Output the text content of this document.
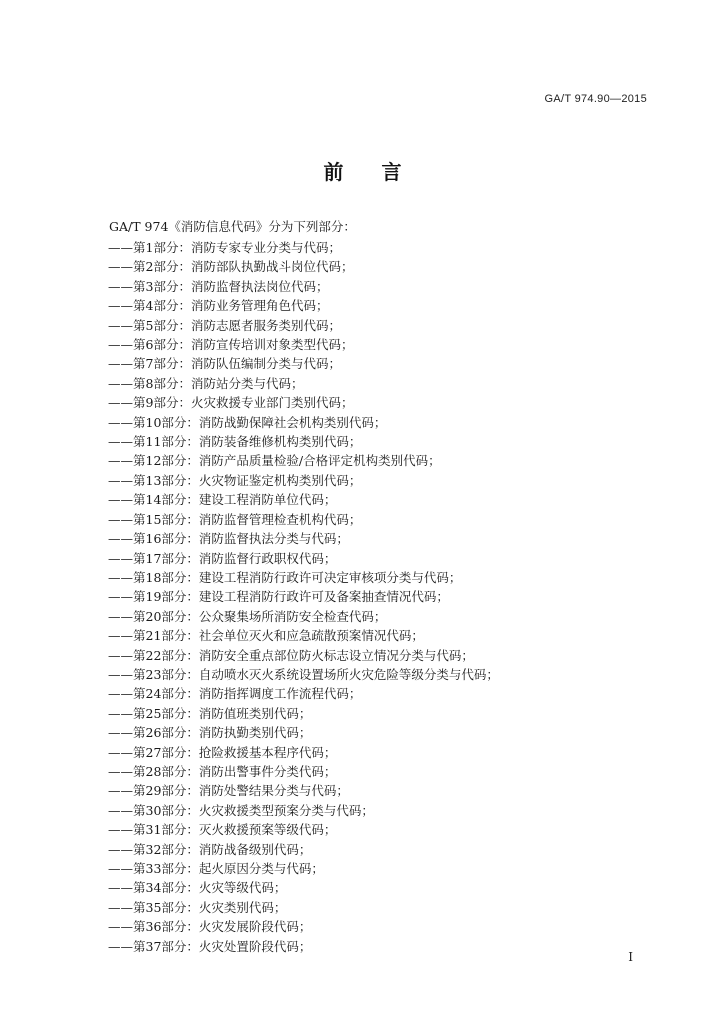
GA/T 974.90—2015
前言
GA/T 974《消防信息代码》分为下列部分：
——第1部分：消防专家专业分类与代码；
——第2部分：消防部队执勤战斗岗位代码；
——第3部分：消防监督执法岗位代码；
——第4部分：消防业务管理角色代码；
——第5部分：消防志愿者服务类别代码；
——第6部分：消防宣传培训对象类型代码；
——第7部分：消防队伍编制分类与代码；
——第8部分：消防站分类与代码；
——第9部分：火灾救援专业部门类别代码；
——第10部分：消防战勤保障社会机构类别代码；
——第11部分：消防装备维修机构类别代码；
——第12部分：消防产品质量检验/合格评定机构类别代码；
——第13部分：火灾物证鉴定机构类别代码；
——第14部分：建设工程消防单位代码；
——第15部分：消防监督管理检查机构代码；
——第16部分：消防监督执法分类与代码；
——第17部分：消防监督行政职权代码；
——第18部分：建设工程消防行政许可决定审核项分类与代码；
——第19部分：建设工程消防行政许可及备案抽查情况代码；
——第20部分：公众聚集场所消防安全检查代码；
——第21部分：社会单位灭火和应急疏散预案情况代码；
——第22部分：消防安全重点部位防火标志设立情况分类与代码；
——第23部分：自动喷水灭火系统设置场所火灾危险等级分类与代码；
——第24部分：消防指挥调度工作流程代码；
——第25部分：消防值班类别代码；
——第26部分：消防执勤类别代码；
——第27部分：抢险救援基本程序代码；
——第28部分：消防出警事件分类代码；
——第29部分：消防处警结果分类与代码；
——第30部分：火灾救援类型预案分类与代码；
——第31部分：灭火救援预案等级代码；
——第32部分：消防战备级别代码；
——第33部分：起火原因分类与代码；
——第34部分：火灾等级代码；
——第35部分：火灾类别代码；
——第36部分：火灾发展阶段代码；
——第37部分：火灾处置阶段代码；
I
